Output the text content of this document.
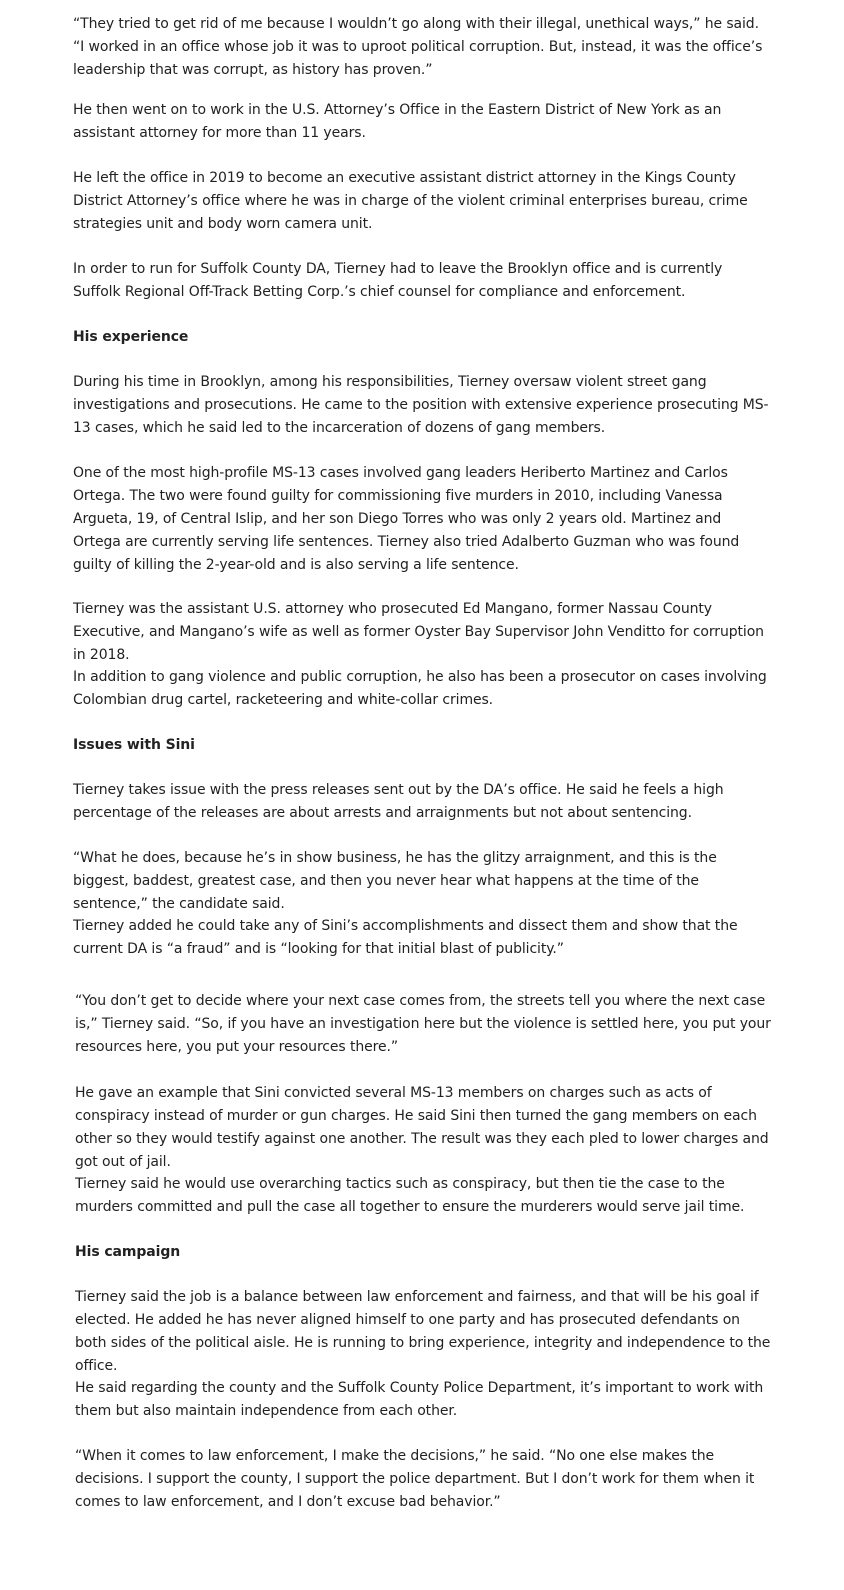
“They tried to get rid of me because I wouldn’t go along with their illegal, unethical ways,” he said. “I worked in an office whose job it was to uproot political corruption. But, instead, it was the office’s leadership that was corrupt, as history has proven.”

He then went on to work in the U.S. Attorney’s Office in the Eastern District of New York as an assistant attorney for more than 11 years.

He left the office in 2019 to become an executive assistant district attorney in the Kings County District Attorney’s office where he was in charge of the violent criminal enterprises bureau, crime strategies unit and body worn camera unit.

In order to run for Suffolk County DA, Tierney had to leave the Brooklyn office and is currently Suffolk Regional Off-Track Betting Corp.’s chief counsel for compliance and enforcement.

His experience

During his time in Brooklyn, among his responsibilities, Tierney oversaw violent street gang investigations and prosecutions. He came to the position with extensive experience prosecuting MS-13 cases, which he said led to the incarceration of dozens of gang members.

One of the most high-profile MS-13 cases involved gang leaders Heriberto Martinez and Carlos Ortega. The two were found guilty for commissioning five murders in 2010, including Vanessa Argueta, 19, of Central Islip, and her son Diego Torres who was only 2 years old. Martinez and Ortega are currently serving life sentences. Tierney also tried Adalberto Guzman who was found guilty of killing the 2-year-old and is also serving a life sentence.

Tierney was the assistant U.S. attorney who prosecuted Ed Mangano, former Nassau County Executive, and Mangano’s wife as well as former Oyster Bay Supervisor John Venditto for corruption in 2018.

In addition to gang violence and public corruption, he also has been a prosecutor on cases involving Colombian drug cartel, racketeering and white-collar crimes.

Issues with Sini

Tierney takes issue with the press releases sent out by the DA’s office. He said he feels a high percentage of the releases are about arrests and arraignments but not about sentencing.

“What he does, because he’s in show business, he has the glitzy arraignment, and this is the biggest, baddest, greatest case, and then you never hear what happens at the time of the sentence,” the candidate said.

Tierney added he could take any of Sini’s accomplishments and dissect them and show that the current DA is “a fraud” and is “looking for that initial blast of publicity.”

“You don’t get to decide where your next case comes from, the streets tell you where the next case is,” Tierney said. “So, if you have an investigation here but the violence is settled here, you put your resources here, you put your resources there.”

He gave an example that Sini convicted several MS-13 members on charges such as acts of conspiracy instead of murder or gun charges. He said Sini then turned the gang members on each other so they would testify against one another. The result was they each pled to lower charges and got out of jail.

Tierney said he would use overarching tactics such as conspiracy, but then tie the case to the murders committed and pull the case all together to ensure the murderers would serve jail time.

His campaign

Tierney said the job is a balance between law enforcement and fairness, and that will be his goal if elected. He added he has never aligned himself to one party and has prosecuted defendants on both sides of the political aisle. He is running to bring experience, integrity and independence to the office.

He said regarding the county and the Suffolk County Police Department, it’s important to work with them but also maintain independence from each other.

“When it comes to law enforcement, I make the decisions,” he said. “No one else makes the decisions. I support the county, I support the police department. But I don’t work for them when it comes to law enforcement, and I don’t excuse bad behavior.”
